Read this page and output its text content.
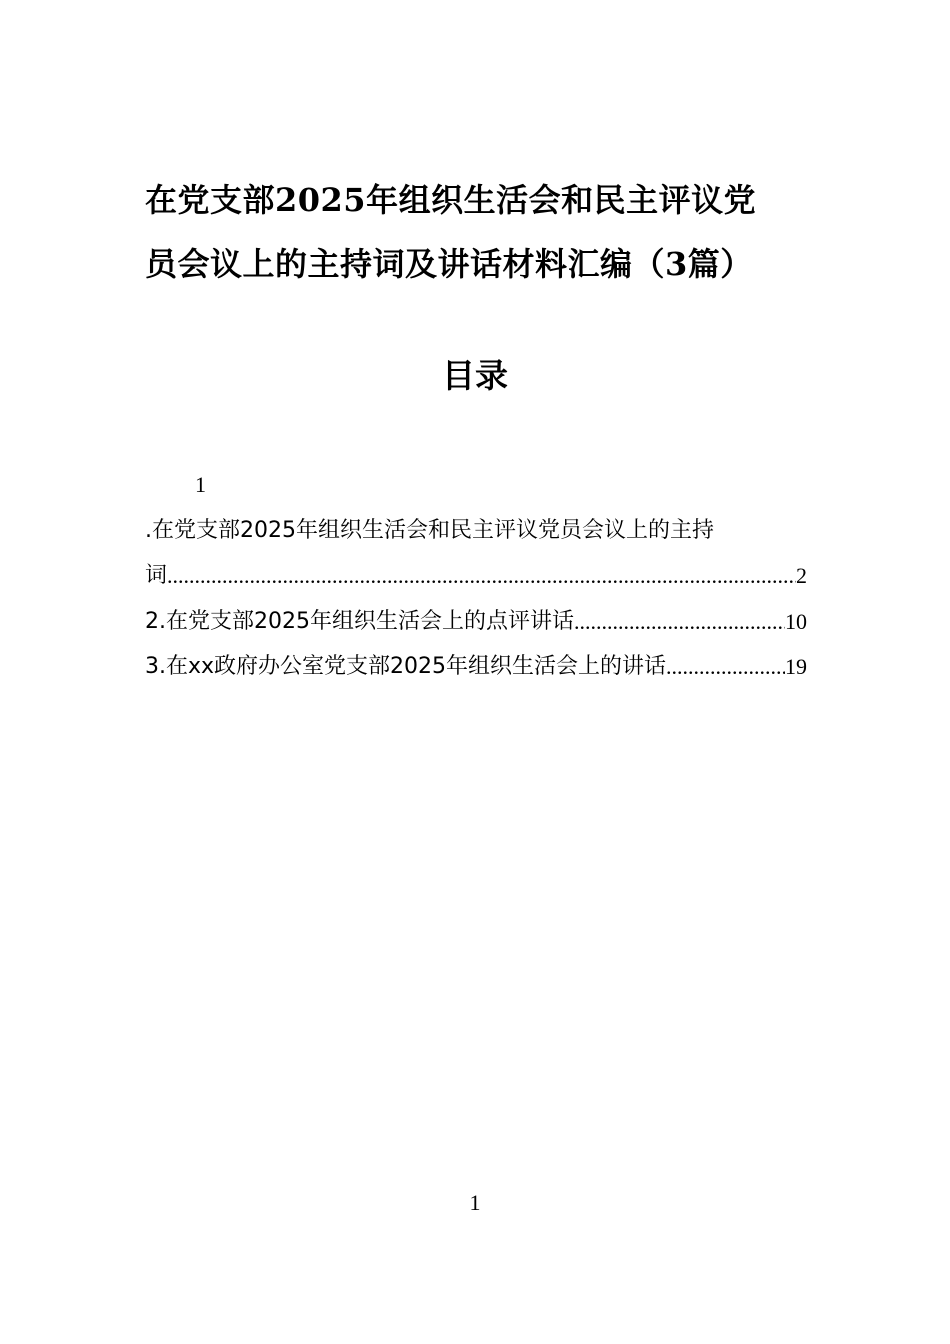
在党支部2025年组织生活会和民主评议党
员会议上的主持词及讲话材料汇编（3篇）
目录
1
.在党支部2025年组织生活会和民主评议党员会议上的主持
词 .....	2
2.在党支部2025年组织生活会上的点评讲话 .....	10
3.在xx政府办公室党支部2025年组织生活会上的讲话 .....	19
1
